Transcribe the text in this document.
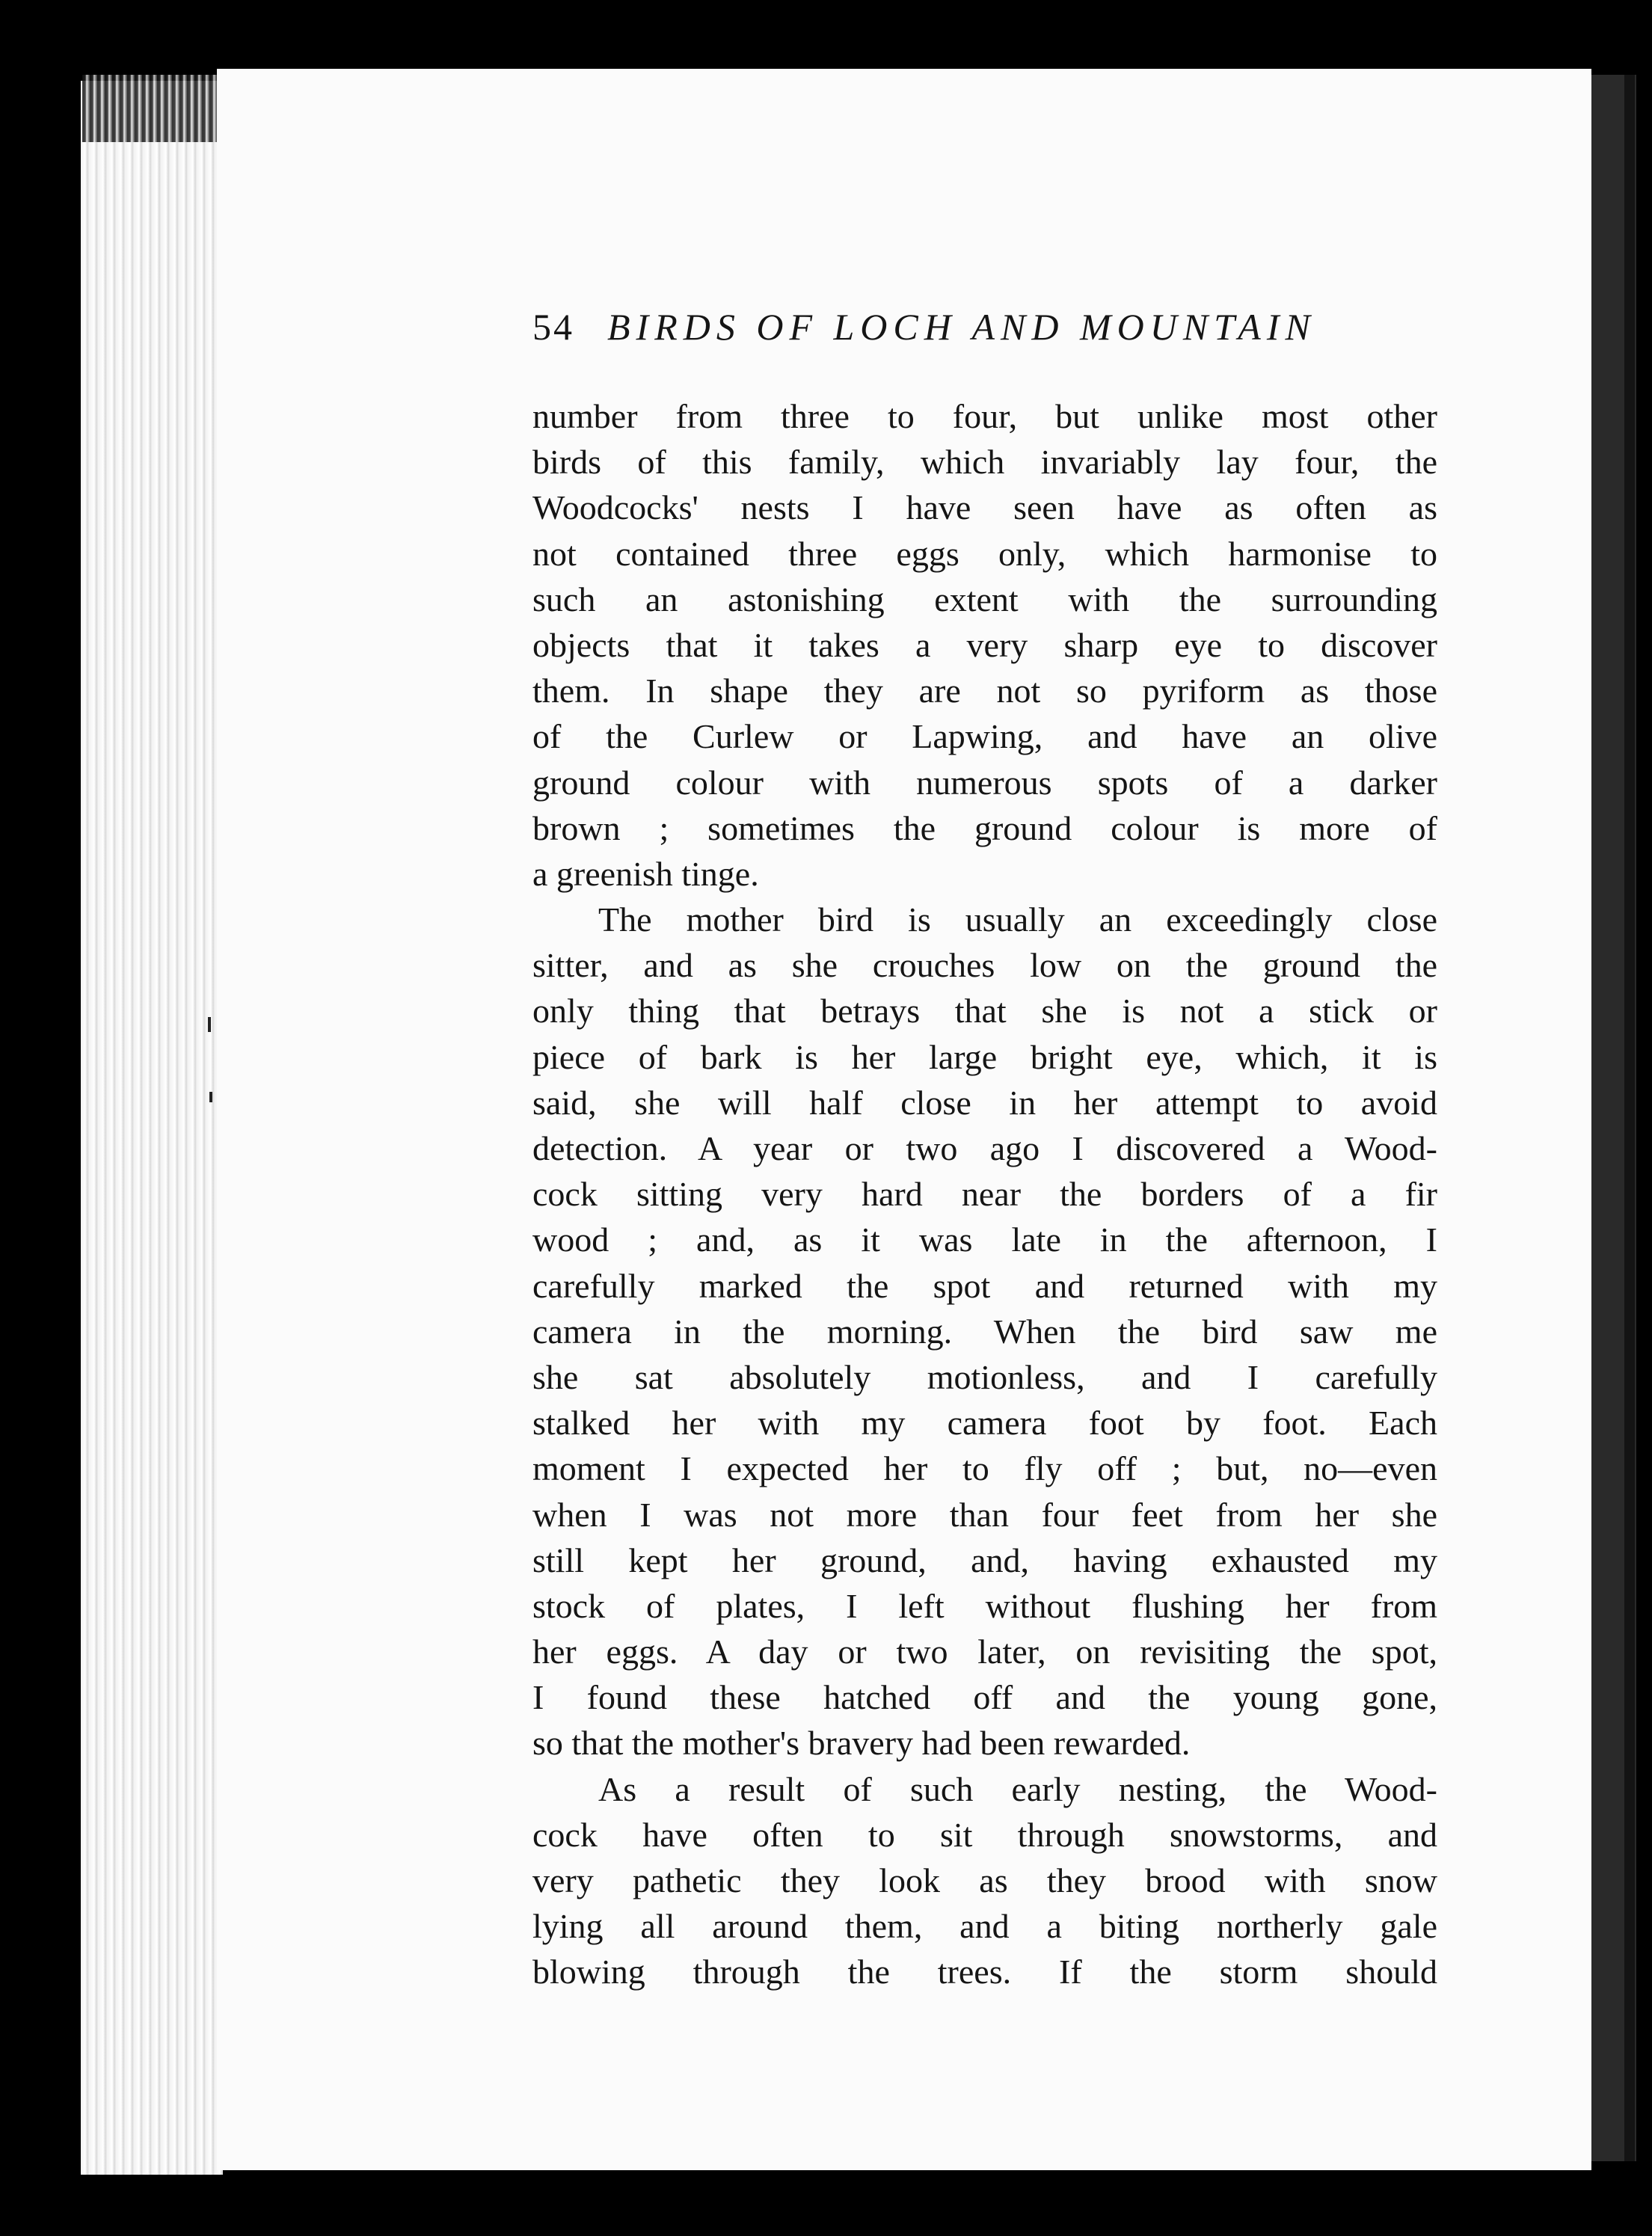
54 BIRDS OF LOCH AND MOUNTAIN
number from three to four, but unlike most other
birds of this family, which invariably lay four, the
Woodcocks' nests I have seen have as often as
not contained three eggs only, which harmonise to
such an astonishing extent with the surrounding
objects that it takes a very sharp eye to discover
them. In shape they are not so pyriform as those
of the Curlew or Lapwing, and have an olive
ground colour with numerous spots of a darker
brown ; sometimes the ground colour is more of
a greenish tinge.
The mother bird is usually an exceedingly close
sitter, and as she crouches low on the ground the
only thing that betrays that she is not a stick or
piece of bark is her large bright eye, which, it is
said, she will half close in her attempt to avoid
detection. A year or two ago I discovered a Wood-
cock sitting very hard near the borders of a fir
wood ; and, as it was late in the afternoon, I
carefully marked the spot and returned with my
camera in the morning. When the bird saw me
she sat absolutely motionless, and I carefully
stalked her with my camera foot by foot. Each
moment I expected her to fly off ; but, no—even
when I was not more than four feet from her she
still kept her ground, and, having exhausted my
stock of plates, I left without flushing her from
her eggs. A day or two later, on revisiting the spot,
I found these hatched off and the young gone,
so that the mother's bravery had been rewarded.
As a result of such early nesting, the Wood-
cock have often to sit through snowstorms, and
very pathetic they look as they brood with snow
lying all around them, and a biting northerly gale
blowing through the trees. If the storm should
